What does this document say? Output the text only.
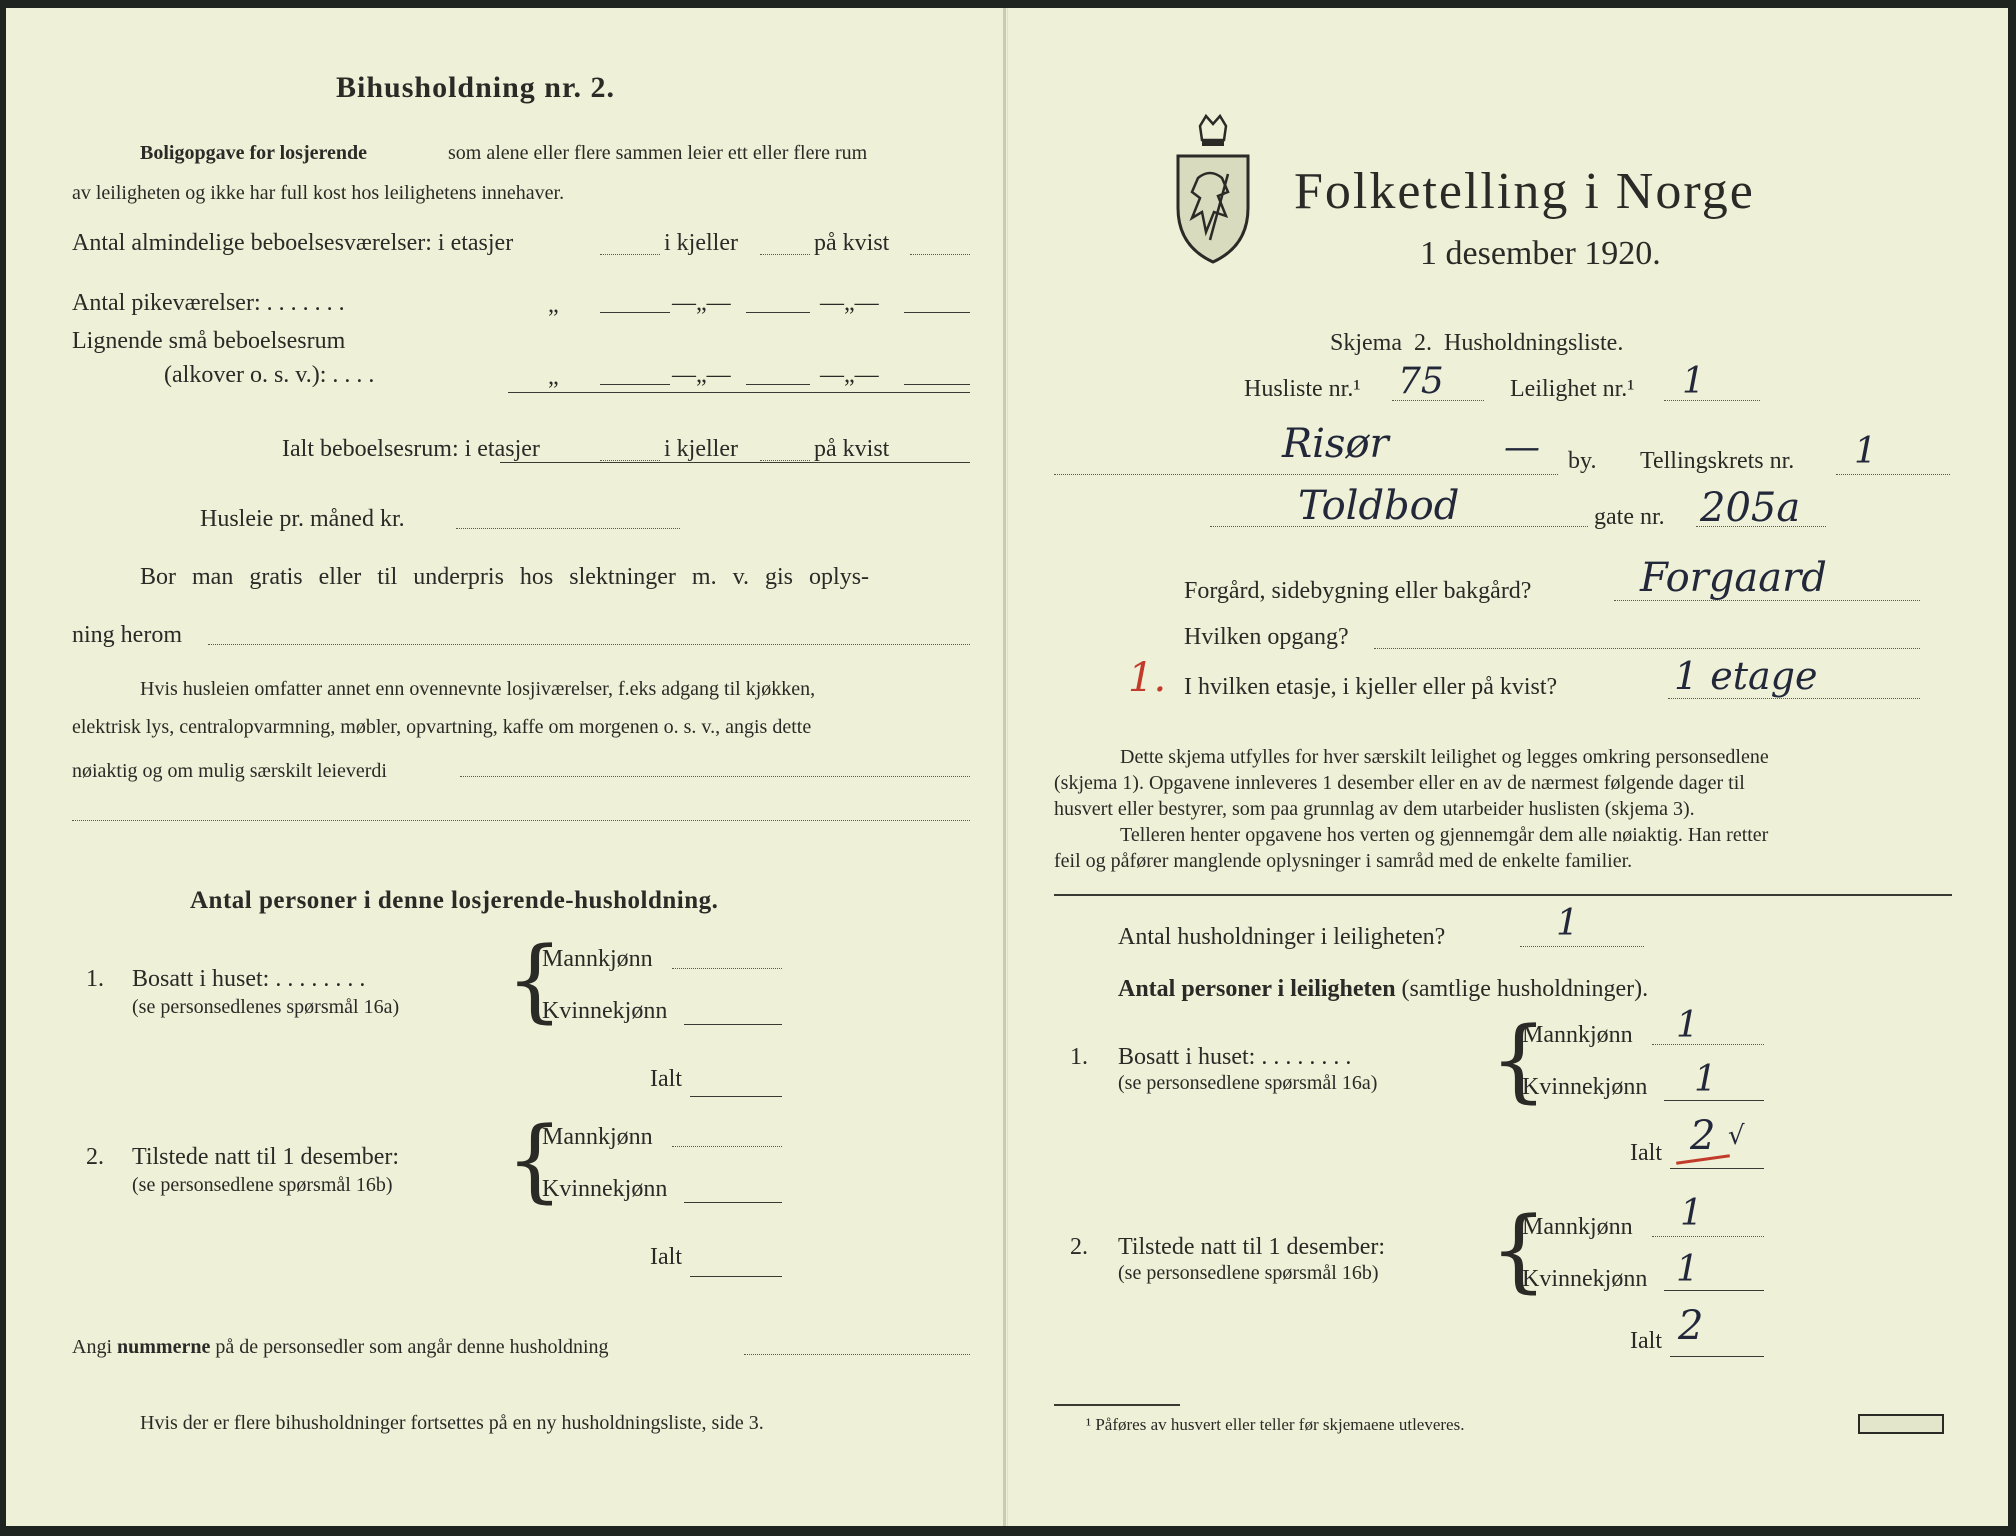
Bihusholdning nr. 2.
Boligopgave for losjerende	som alene eller flere sammen leier ett eller flere rum
av leiligheten og ikke har full kost hos leilighetens innehaver.
Antal almindelige beboelsesværelser: i etasjer	i kjeller	på kvist
Antal pikeværelser: . . . . . . .	„	—„—	—„—
Lignende små beboelsesrum
(alkover o. s. v.): . . . .	„	—„—	—„—
Ialt beboelsesrum: i etasjer	i kjeller	på kvist
Husleie pr. måned kr.
Bor man gratis eller til underpris hos slektninger m. v. gis oplys-
ning herom
Hvis husleien omfatter annet enn ovennevnte losjiværelser, f.eks adgang til kjøkken,
elektrisk lys, centralopvarmning, møbler, opvartning, kaffe om morgenen o. s. v., angis dette
nøiaktig og om mulig særskilt leieverdi
Antal personer i denne losjerende-husholdning.
1. Bosatt i huset: . . . . . . . .
(se personsedlenes spørsmål 16a) {
Mannkjønn
Kvinnekjønn
Ialt
2. Tilstede natt til 1 desember:
(se personsedlene spørsmål 16b) {
Mannkjønn
Kvinnekjønn
Ialt
Angi nummerne på de personsedler som angår denne husholdning
Hvis der er flere bihusholdninger fortsettes på en ny husholdningsliste, side 3.
Folketelling i Norge
1 desember 1920.
Skjema 2. Husholdningsliste.
Husliste nr.¹ 75	Leilighet nr.¹ 1
Risør	— by. Tellingskrets nr. 1
Toldbod	gate nr. 205a
Forgård, sidebygning eller bakgård?	Forgaard
Hvilken opgang?
1. I hvilken etasje, i kjeller eller på kvist?	1 etage
Dette skjema utfylles for hver særskilt leilighet og legges omkring personsedlene
(skjema 1). Opgavene innleveres 1 desember eller en av de nærmest følgende dager til
husvert eller bestyrer, som paa grunnlag av dem utarbeider huslisten (skjema 3).
Telleren henter opgavene hos verten og gjennemgår dem alle nøiaktig. Han retter
feil og påfører manglende oplysninger i samråd med de enkelte familier.
Antal husholdninger i leiligheten?	1
Antal personer i leiligheten (samtlige husholdninger).
1. Bosatt i huset: . . . . . . . .
(se personsedlene spørsmål 16a) {
Mannkjønn 1
Kvinnekjønn 1
Ialt 2 √
2. Tilstede natt til 1 desember:
(se personsedlene spørsmål 16b) {
Mannkjønn 1
Kvinnekjønn 1
Ialt 2
¹ Påføres av husvert eller teller før skjemaene utleveres.
